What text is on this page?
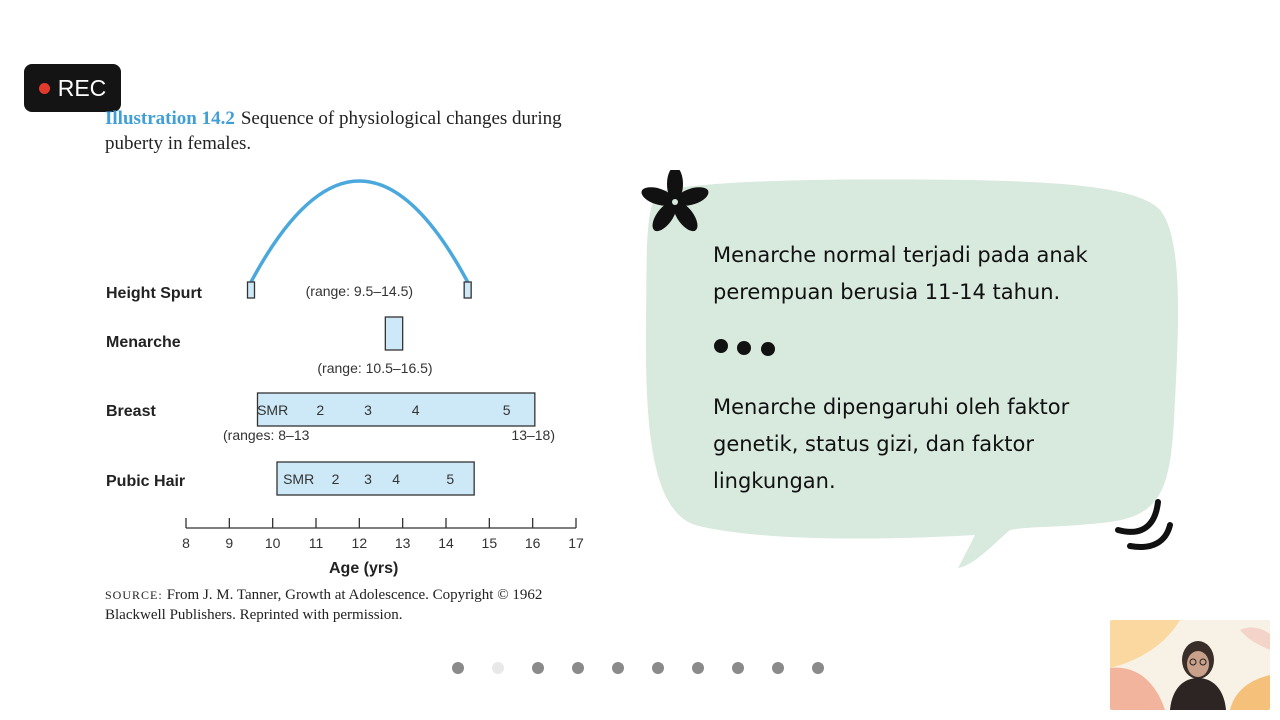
REC
Illustration 14.2 Sequence of physiological changes during puberty in females.
Height Spurt
Menarche
Breast
Pubic Hair
(range: 9.5–14.5)
(range: 10.5–16.5)
SMR 2	3	4	5
(ranges: 8–13	13–18)
SMR 2 3 4	5
8	9 10 11 12 13 14 15 16 17
Age (yrs)
SOURCE: From J. M. Tanner, Growth at Adolescence. Copyright © 1962 Blackwell Publishers. Reprinted with permission.
Menarche normal terjadi pada anak perempuan berusia 11-14 tahun.
Menarche dipengaruhi oleh faktor genetik, status gizi, dan faktor lingkungan.
